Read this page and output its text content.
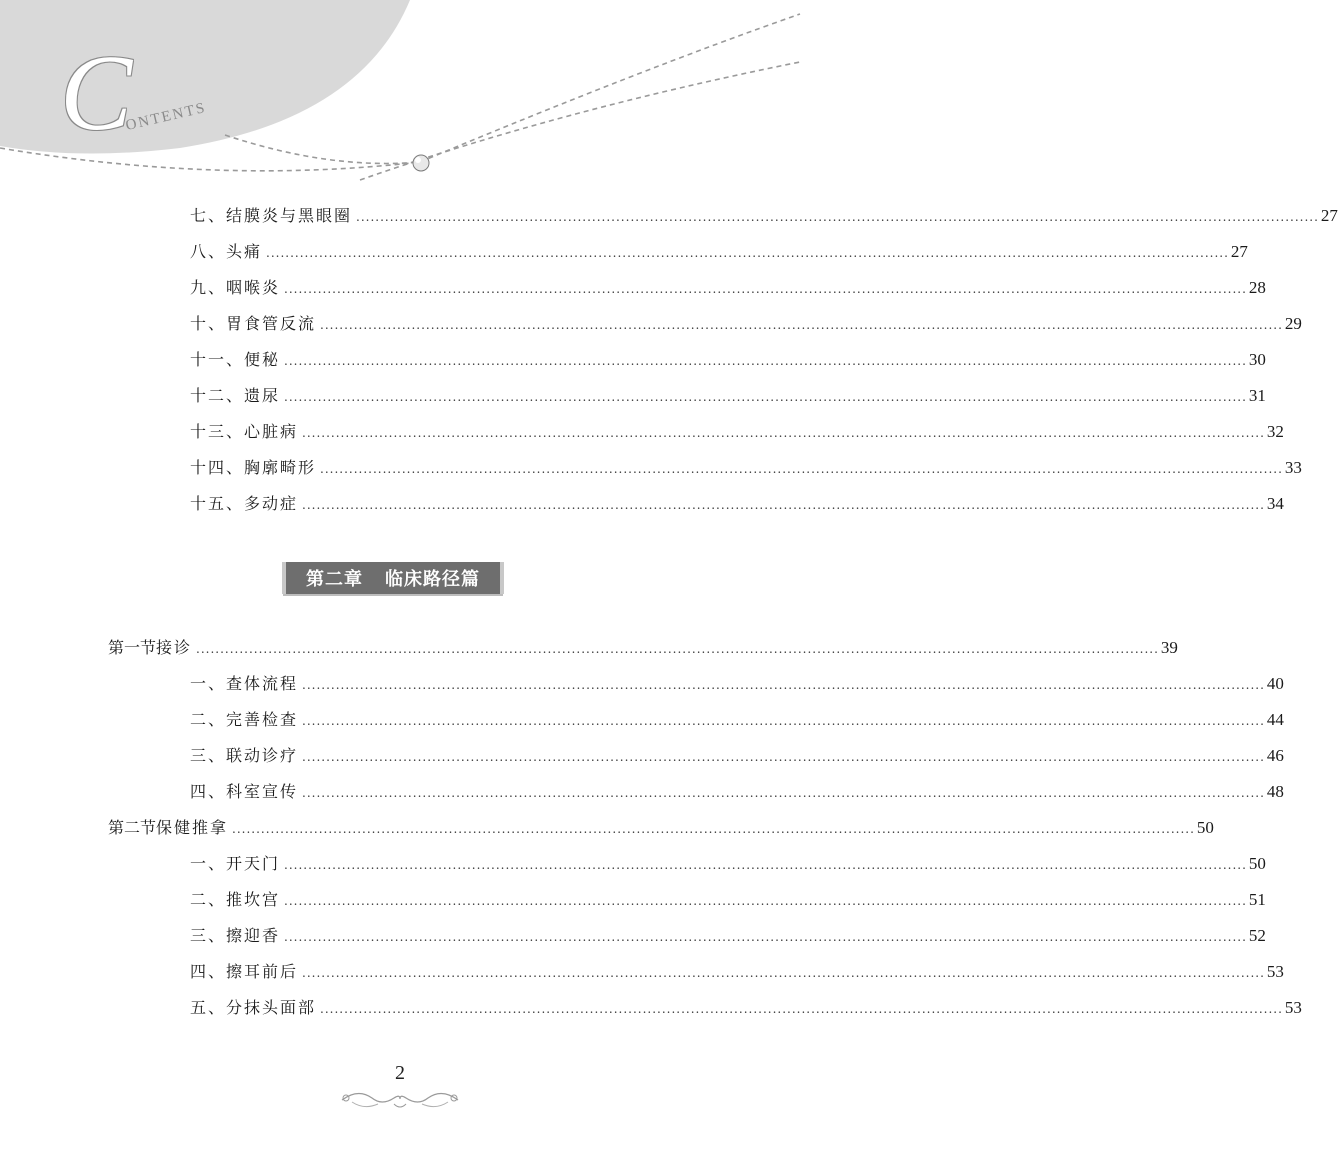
C
ONTENTS
七、结膜炎与黑眼圈 ........................................................................................................................................................................................................ 27
八、头痛 ........................................................................................................................................................................................................ 27
九、咽喉炎 ........................................................................................................................................................................................................ 28
十、胃食管反流 ........................................................................................................................................................................................................ 29
十一、便秘 ........................................................................................................................................................................................................ 30
十二、遗尿 ........................................................................................................................................................................................................ 31
十三、心脏病 ........................................................................................................................................................................................................ 32
十四、胸廓畸形 ........................................................................................................................................................................................................ 33
十五、多动症 ........................................................................................................................................................................................................ 34
第二章 临床路径篇
第一节 接诊 ........................................................................................................................................................................................................ 39
一、查体流程 ........................................................................................................................................................................................................ 40
二、完善检查 ........................................................................................................................................................................................................ 44
三、联动诊疗 ........................................................................................................................................................................................................ 46
四、科室宣传 ........................................................................................................................................................................................................ 48
第二节 保健推拿 ........................................................................................................................................................................................................ 50
一、开天门 ........................................................................................................................................................................................................ 50
二、推坎宫 ........................................................................................................................................................................................................ 51
三、擦迎香 ........................................................................................................................................................................................................ 52
四、擦耳前后 ........................................................................................................................................................................................................ 53
五、分抹头面部 ........................................................................................................................................................................................................ 53
2
